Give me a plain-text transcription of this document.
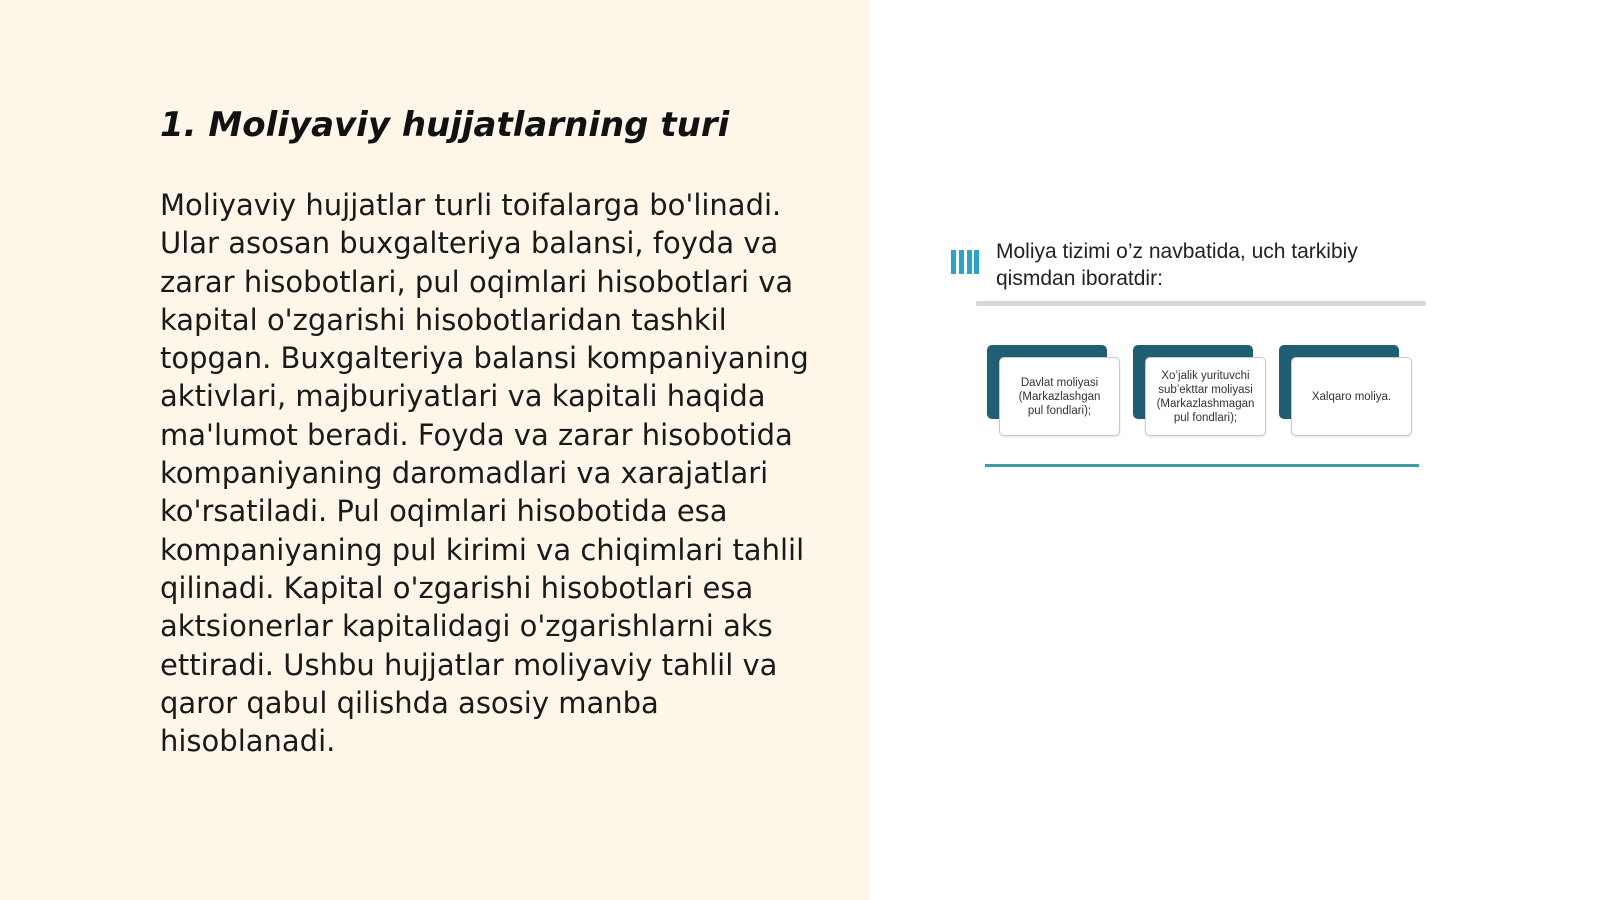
1. Moliyaviy hujjatlarning turi

Moliyaviy hujjatlar turli toifalarga bo'linadi.
Ular asosan buxgalteriya balansi, foyda va
zarar hisobotlari, pul oqimlari hisobotlari va
kapital o'zgarishi hisobotlaridan tashkil
topgan. Buxgalteriya balansi kompaniyaning
aktivlari, majburiyatlari va kapitali haqida
ma'lumot beradi. Foyda va zarar hisobotida
kompaniyaning daromadlari va xarajatlari
ko'rsatiladi. Pul oqimlari hisobotida esa
kompaniyaning pul kirimi va chiqimlari tahlil
qilinadi. Kapital o'zgarishi hisobotlari esa
aktsionerlar kapitalidagi o'zgarishlarni aks
ettiradi. Ushbu hujjatlar moliyaviy tahlil va
qaror qabul qilishda asosiy manba
hisoblanadi.

Moliya tizimi o’z navbatida, uch tarkibiy
qismdan iboratdir:
Davlat moliyasi
(Markazlashgan
pul fondlari);
Xo’jalik yurituvchi
sub’ekttar moliyasi
(Markazlashmagan
pul fondlari);
Xalqaro moliya.
